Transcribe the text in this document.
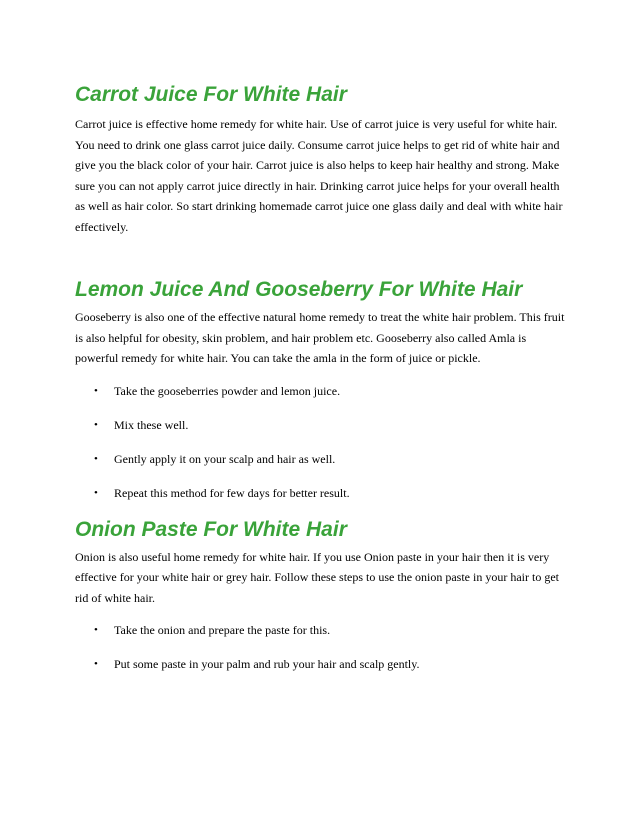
Carrot Juice For White Hair

Carrot juice is effective home remedy for white hair. Use of carrot juice is very useful for white hair. You need to drink one glass carrot juice daily. Consume carrot juice helps to get rid of white hair and give you the black color of your hair. Carrot juice is also helps to keep hair healthy and strong. Make sure you can not apply carrot juice directly in hair. Drinking carrot juice helps for your overall health as well as hair color. So start drinking homemade carrot juice one glass daily and deal with white hair effectively.

Lemon Juice And Gooseberry For White Hair

Gooseberry is also one of the effective natural home remedy to treat the white hair problem. This fruit is also helpful for obesity, skin problem, and hair problem etc. Gooseberry also called Amla is powerful remedy for white hair. You can take the amla in the form of juice or pickle.

• Take the gooseberries powder and lemon juice.
• Mix these well.
• Gently apply it on your scalp and hair as well.
• Repeat this method for few days for better result.
Onion Paste For White Hair

Onion is also useful home remedy for white hair. If you use Onion paste in your hair then it is very effective for your white hair or grey hair. Follow these steps to use the onion paste in your hair to get rid of white hair.

• Take the onion and prepare the paste for this.
• Put some paste in your palm and rub your hair and scalp gently.
